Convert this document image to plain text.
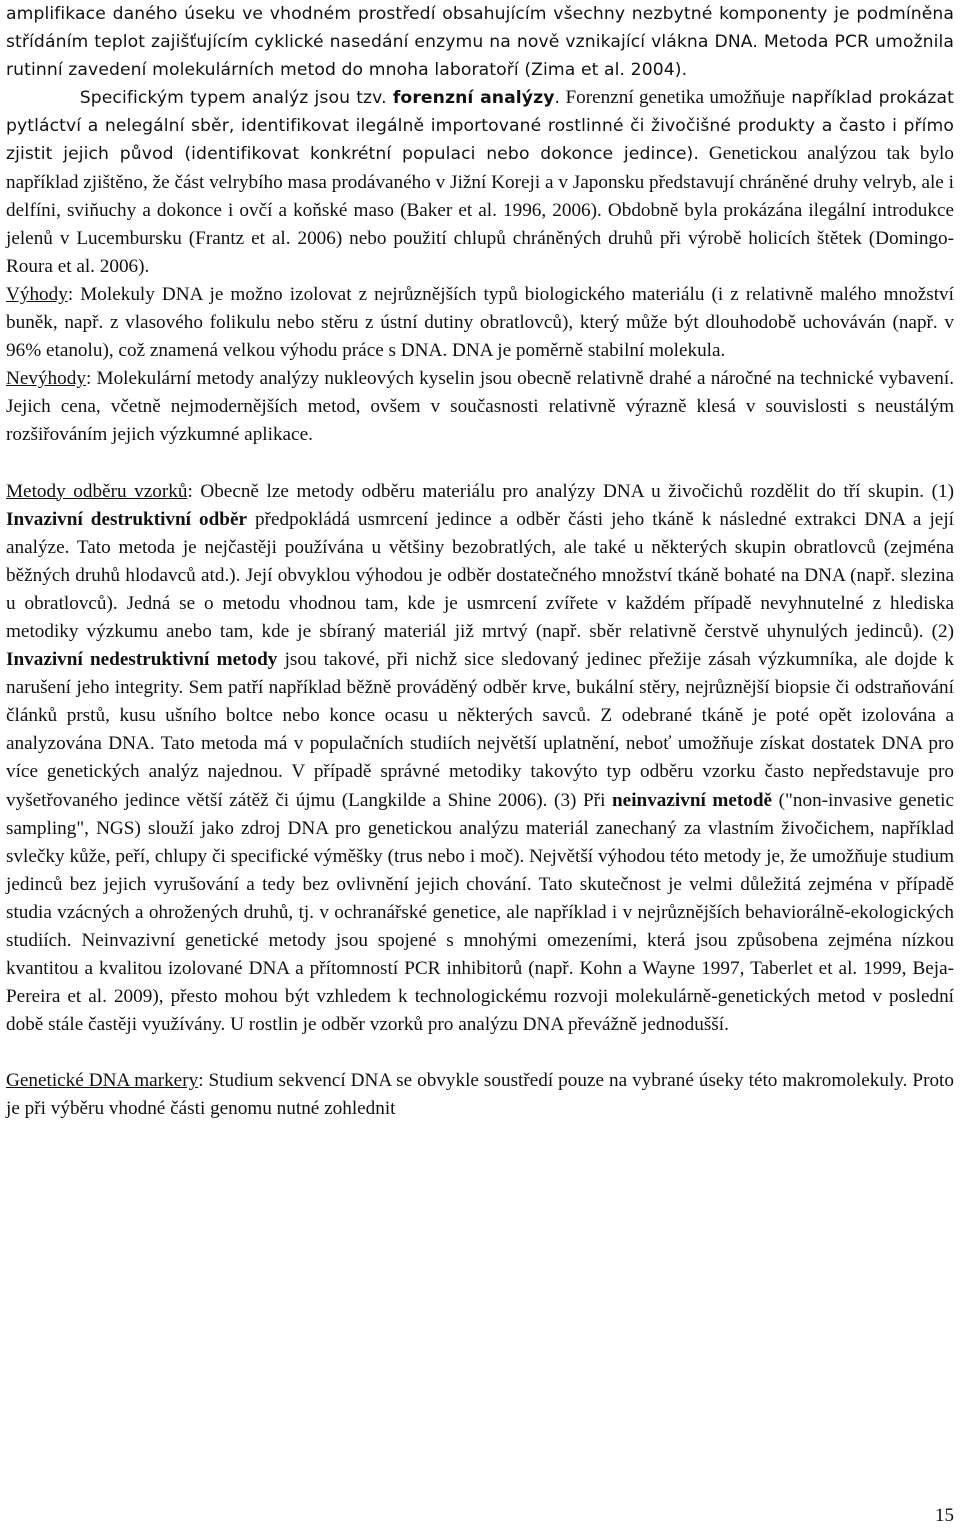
amplifikace daného úseku ve vhodném prostředí obsahujícím všechny nezbytné komponenty je podmíněna střídáním teplot zajišťujícím cyklické nasedání enzymu na nově vznikající vlákna DNA. Metoda PCR umožnila rutinní zavedení molekulárních metod do mnoha laboratoří (Zima et al. 2004).
Specifickým typem analýz jsou tzv. forenzní analýzy. Forenzní genetika umožňuje například prokázat pytláctví a nelegální sběr, identifikovat ilegálně importované rostlinné či živočišné produkty a často i přímo zjistit jejich původ (identifikovat konkrétní populaci nebo dokonce jedince). Genetickou analýzou tak bylo například zjištěno, že část velrybího masa prodávaného v Jižní Koreji a v Japonsku představují chráněné druhy velryb, ale i delfíni, sviňuchy a dokonce i ovčí a koňské maso (Baker et al. 1996, 2006). Obdobně byla prokázána ilegální introdukce jelenů v Lucembursku (Frantz et al. 2006) nebo použití chlupů chráněných druhů při výrobě holicích štětek (Domingo-Roura et al. 2006).

Výhody: Molekuly DNA je možno izolovat z nejrůznějších typů biologického materiálu (i z relativně malého množství buněk, např. z vlasového folikulu nebo stěru z ústní dutiny obratlovců), který může být dlouhodobě uchováván (např. v 96% etanolu), což znamená velkou výhodu práce s DNA. DNA je poměrně stabilní molekula.

Nevýhody: Molekulární metody analýzy nukleových kyselin jsou obecně relativně drahé a náročné na technické vybavení. Jejich cena, včetně nejmodernějších metod, ovšem v současnosti relativně výrazně klesá v souvislosti s neustálým rozšiřováním jejich výzkumné aplikace.

Metody odběru vzorků: Obecně lze metody odběru materiálu pro analýzy DNA u živočichů rozdělit do tří skupin. (1) Invazivní destruktivní odběr předpokládá usmrcení jedince a odběr části jeho tkáně k následné extrakci DNA a její analýze. Tato metoda je nejčastěji používána u většiny bezobratlých, ale také u některých skupin obratlovců (zejména běžných druhů hlodavců atd.). Její obvyklou výhodou je odběr dostatečného množství tkáně bohaté na DNA (např. slezina u obratlovců). Jedná se o metodu vhodnou tam, kde je usmrcení zvířete v každém případě nevyhnutelné z hlediska metodiky výzkumu anebo tam, kde je sbíraný materiál již mrtvý (např. sběr relativně čerstvě uhynulých jedinců). (2) Invazivní nedestruktivní metody jsou takové, při nichž sice sledovaný jedinec přežije zásah výzkumníka, ale dojde k narušení jeho integrity. Sem patří například běžně prováděný odběr krve, bukální stěry, nejrůznější biopsie či odstraňování článků prstů, kusu ušního boltce nebo konce ocasu u některých savců. Z odebrané tkáně je poté opět izolována a analyzována DNA. Tato metoda má v populačních studiích největší uplatnění, neboť umožňuje získat dostatek DNA pro více genetických analýz najednou. V případě správné metodiky takovýto typ odběru vzorku často nepředstavuje pro vyšetřovaného jedince větší zátěž či újmu (Langkilde a Shine 2006). (3) Při neinvazivní metodě ("non-invasive genetic sampling", NGS) slouží jako zdroj DNA pro genetickou analýzu materiál zanechaný za vlastním živočichem, například svlečky kůže, peří, chlupy či specifické výměšky (trus nebo i moč). Největší výhodou této metody je, že umožňuje studium jedinců bez jejich vyrušování a tedy bez ovlivnění jejich chování. Tato skutečnost je velmi důležitá zejména v případě studia vzácných a ohrožených druhů, tj. v ochranářské genetice, ale například i v nejrůznějších behaviorálně-ekologických studiích. Neinvazivní genetické metody jsou spojené s mnohými omezeními, která jsou způsobena zejména nízkou kvantitou a kvalitou izolované DNA a přítomností PCR inhibitorů (např. Kohn a Wayne 1997, Taberlet et al. 1999, Beja-Pereira et al. 2009), přesto mohou být vzhledem k technologickému rozvoji molekulárně-genetických metod v poslední době stále častěji využívány. U rostlin je odběr vzorků pro analýzu DNA převážně jednodušší.

Genetické DNA markery: Studium sekvencí DNA se obvykle soustředí pouze na vybrané úseky této makromolekuly. Proto je při výběru vhodné části genomu nutné zohlednit

15
